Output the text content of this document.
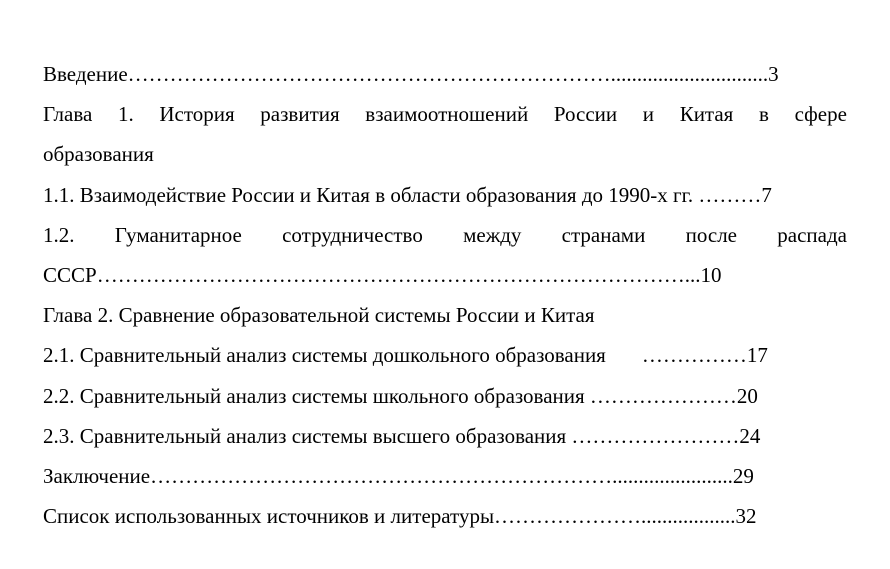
Введение……………………………………………………………..............................3
Глава 1. История развития взаимоотношений России и Китая в сфере
образования
1.1. Взаимодействие России и Китая в области образования до 1990-х гг. ………7
1.2. Гуманитарное сотрудничество между странами после распада
СССР…………………………………………………………………………...10
Глава 2. Сравнение образовательной системы России и Китая
2.1. Сравнительный анализ системы дошкольного образования ……………17
2.2. Сравнительный анализ системы школьного образования …………………20
2.3. Сравнительный анализ системы высшего образования ……………………24
Заключение………………………………………………………….......................29
Список использованных источников и литературы…………………..................32
